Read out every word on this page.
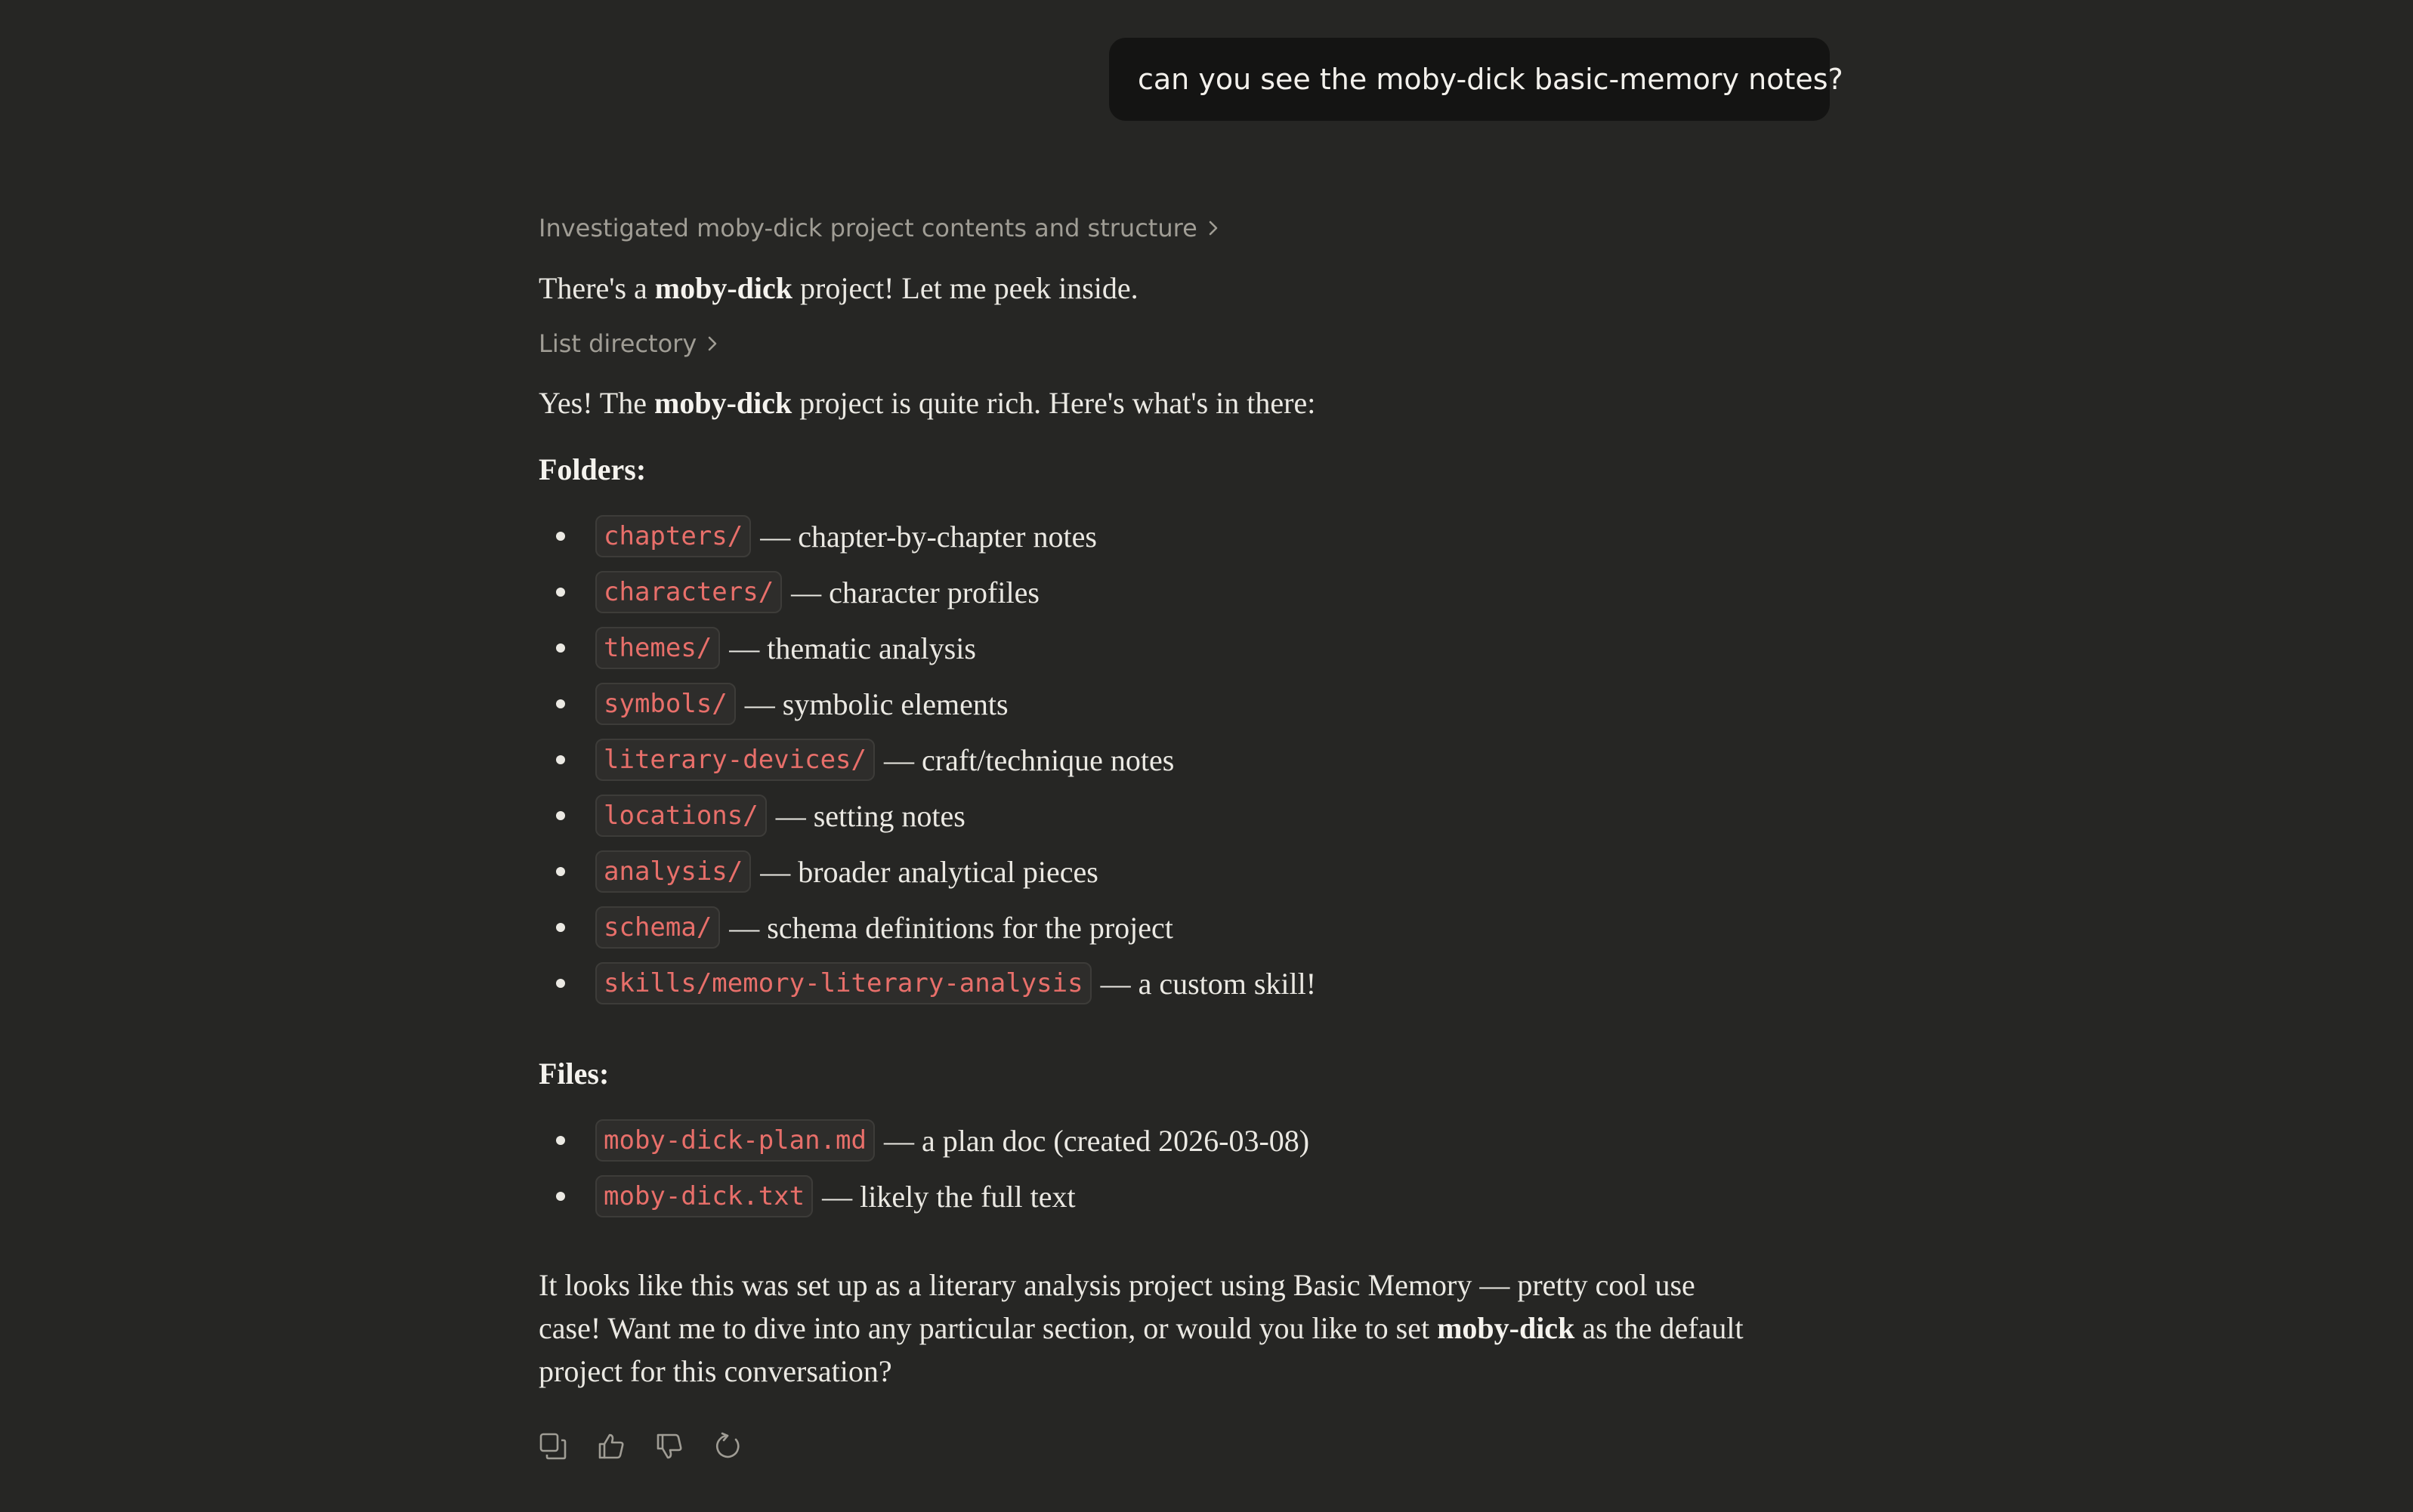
can you see the moby-dick basic-memory notes?
Investigated moby-dick project contents and structure
There's a moby-dick project! Let me peek inside.
List directory
Yes! The moby-dick project is quite rich. Here's what's in there:
Folders:
chapters/ — chapter-by-chapter notes
characters/ — character profiles
themes/ — thematic analysis
symbols/ — symbolic elements
literary-devices/ — craft/technique notes
locations/ — setting notes
analysis/ — broader analytical pieces
schema/ — schema definitions for the project
skills/memory-literary-analysis — a custom skill!
Files:
moby-dick-plan.md — a plan doc (created 2026-03-08)
moby-dick.txt — likely the full text
It looks like this was set up as a literary analysis project using Basic Memory — pretty cool use case! Want me to dive into any particular section, or would you like to set moby-dick as the default project for this conversation?
